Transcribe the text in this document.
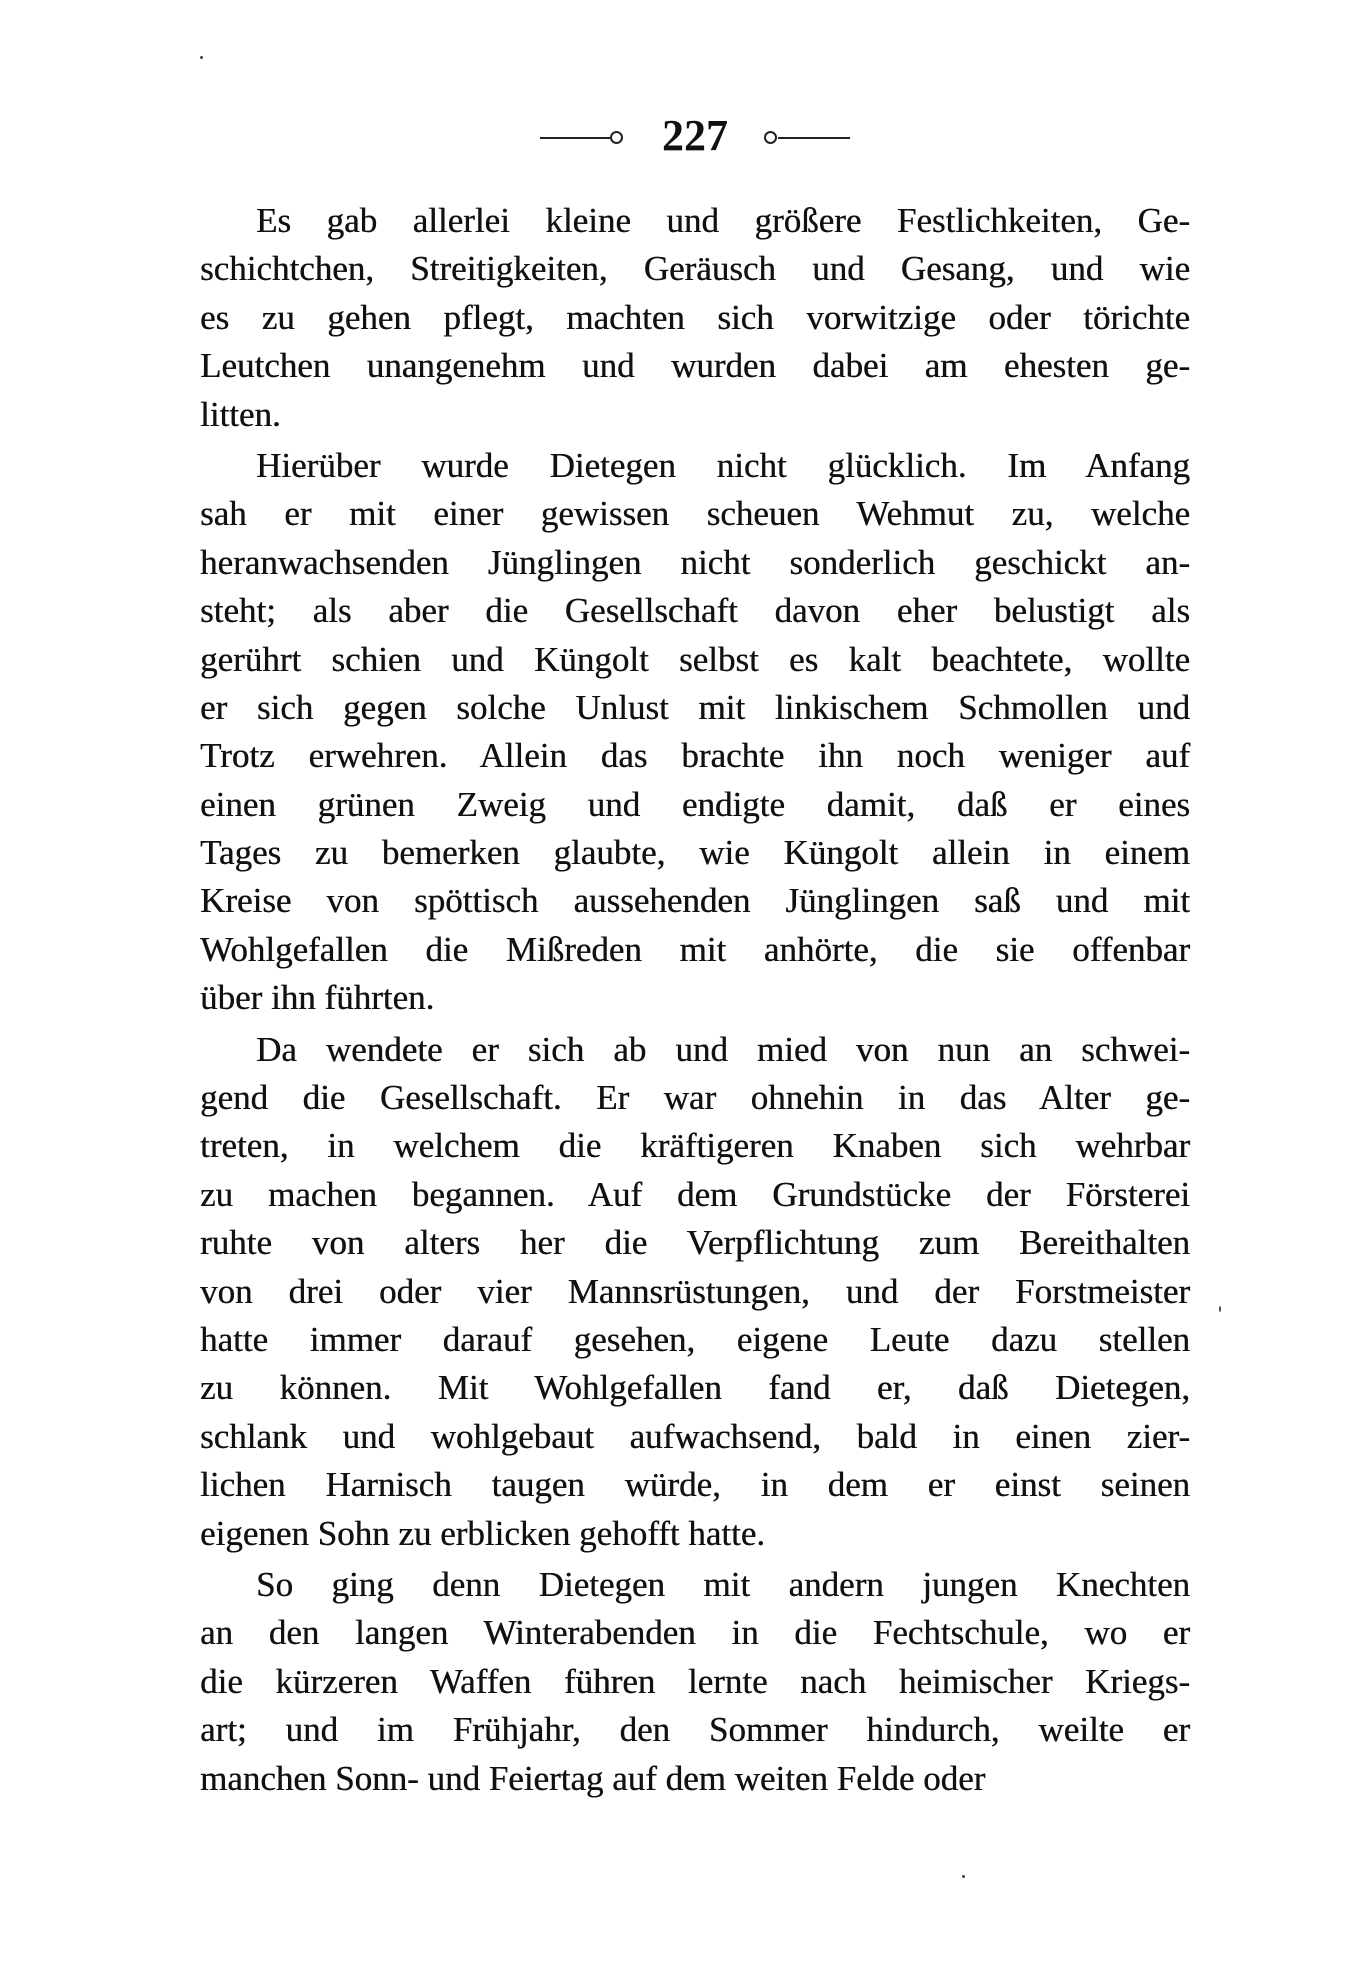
227
Es gab allerlei kleine und größere Festlichkeiten, Ge-
schichtchen, Streitigkeiten, Geräusch und Gesang, und wie
es zu gehen pflegt, machten sich vorwitzige oder törichte
Leutchen unangenehm und wurden dabei am ehesten ge-
litten.
Hierüber wurde Dietegen nicht glücklich. Im Anfang
sah er mit einer gewissen scheuen Wehmut zu, welche
heranwachsenden Jünglingen nicht sonderlich geschickt an-
steht; als aber die Gesellschaft davon eher belustigt als
gerührt schien und Küngolt selbst es kalt beachtete, wollte
er sich gegen solche Unlust mit linkischem Schmollen und
Trotz erwehren. Allein das brachte ihn noch weniger auf
einen grünen Zweig und endigte damit, daß er eines
Tages zu bemerken glaubte, wie Küngolt allein in einem
Kreise von spöttisch aussehenden Jünglingen saß und mit
Wohlgefallen die Mißreden mit anhörte, die sie offenbar
über ihn führten.
Da wendete er sich ab und mied von nun an schwei-
gend die Gesellschaft. Er war ohnehin in das Alter ge-
treten, in welchem die kräftigeren Knaben sich wehrbar
zu machen begannen. Auf dem Grundstücke der Försterei
ruhte von alters her die Verpflichtung zum Bereithalten
von drei oder vier Mannsrüstungen, und der Forstmeister
hatte immer darauf gesehen, eigene Leute dazu stellen
zu können. Mit Wohlgefallen fand er, daß Dietegen,
schlank und wohlgebaut aufwachsend, bald in einen zier-
lichen Harnisch taugen würde, in dem er einst seinen
eigenen Sohn zu erblicken gehofft hatte.
So ging denn Dietegen mit andern jungen Knechten
an den langen Winterabenden in die Fechtschule, wo er
die kürzeren Waffen führen lernte nach heimischer Kriegs-
art; und im Frühjahr, den Sommer hindurch, weilte er
manchen Sonn- und Feiertag auf dem weiten Felde oder
